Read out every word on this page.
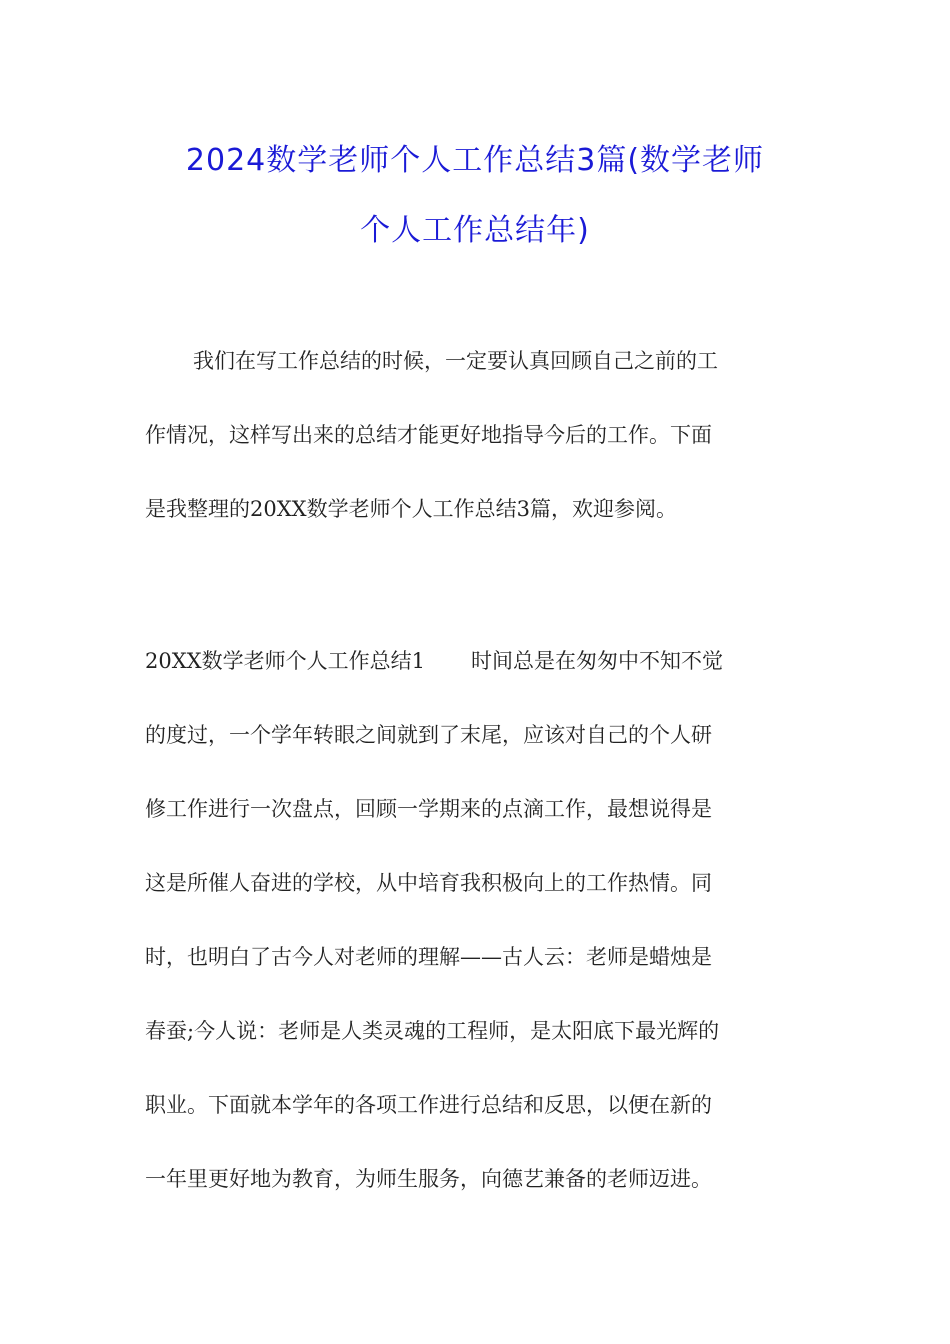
2024数学老师个人工作总结3篇(数学老师
个人工作总结年)

我们在写工作总结的时候，一定要认真回顾自己之前的工
作情况，这样写出来的总结才能更好地指导今后的工作。下面
是我整理的20XX数学老师个人工作总结3篇，欢迎参阅。

20XX数学老师个人工作总结1 时间总是在匆匆中不知不觉
的度过，一个学年转眼之间就到了末尾，应该对自己的个人研
修工作进行一次盘点，回顾一学期来的点滴工作，最想说得是
这是所催人奋进的学校，从中培育我积极向上的工作热情。同
时，也明白了古今人对老师的理解——古人云：老师是蜡烛是
春蚕;今人说：老师是人类灵魂的工程师，是太阳底下最光辉的
职业。下面就本学年的各项工作进行总结和反思，以便在新的
一年里更好地为教育，为师生服务，向德艺兼备的老师迈进。
